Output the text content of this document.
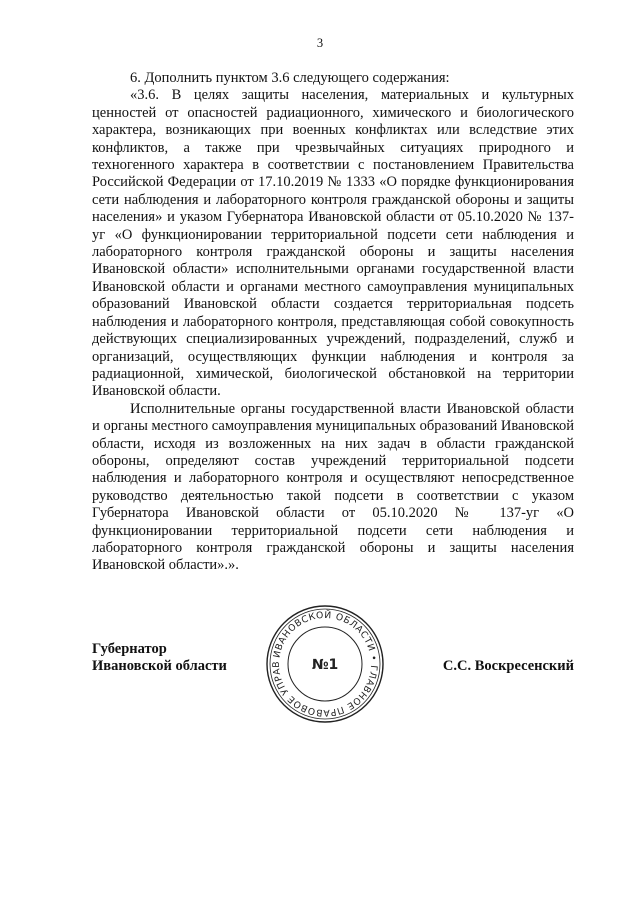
3

6. Дополнить пунктом 3.6 следующего содержания:

«3.6. В целях защиты населения, материальных и культурных ценностей от опасностей радиационного, химического и биологического характера, возникающих при военных конфликтах или вследствие этих конфликтов, а также при чрезвычайных ситуациях природного и техногенного характера в соответствии с постановлением Правительства Российской Федерации от 17.10.2019 № 1333 «О порядке функционирования сети наблюдения и лабораторного контроля гражданской обороны и защиты населения» и указом Губернатора Ивановской области от 05.10.2020 № 137-уг «О функционировании территориальной подсети сети наблюдения и лабораторного контроля гражданской обороны и защиты населения Ивановской области» исполнительными органами государственной власти Ивановской области и органами местного самоуправления муниципальных образований Ивановской области создается территориальная подсеть наблюдения и лабораторного контроля, представляющая собой совокупность действующих специализированных учреждений, подразделений, служб и организаций, осуществляющих функции наблюдения и контроля за радиационной, химической, биологической обстановкой на территории Ивановской области.

Исполнительные органы государственной власти Ивановской области и органы местного самоуправления муниципальных образований Ивановской области, исходя из возложенных на них задач в области гражданской обороны, определяют состав учреждений территориальной подсети наблюдения и лабораторного контроля и осуществляют непосредственное руководство деятельностью такой подсети в соответствии с указом Губернатора Ивановской области от 05.10.2020 № 137-уг «О функционировании территориальной подсети сети наблюдения и лабораторного контроля гражданской обороны и защиты населения Ивановской области».».

Губернатор
Ивановской области	С.С. Воскресенский
ИВАНОВСКОЙ ОБЛАСТИ • ГЛАВНОЕ ПРАВОВОЕ УПРАВ	№1
